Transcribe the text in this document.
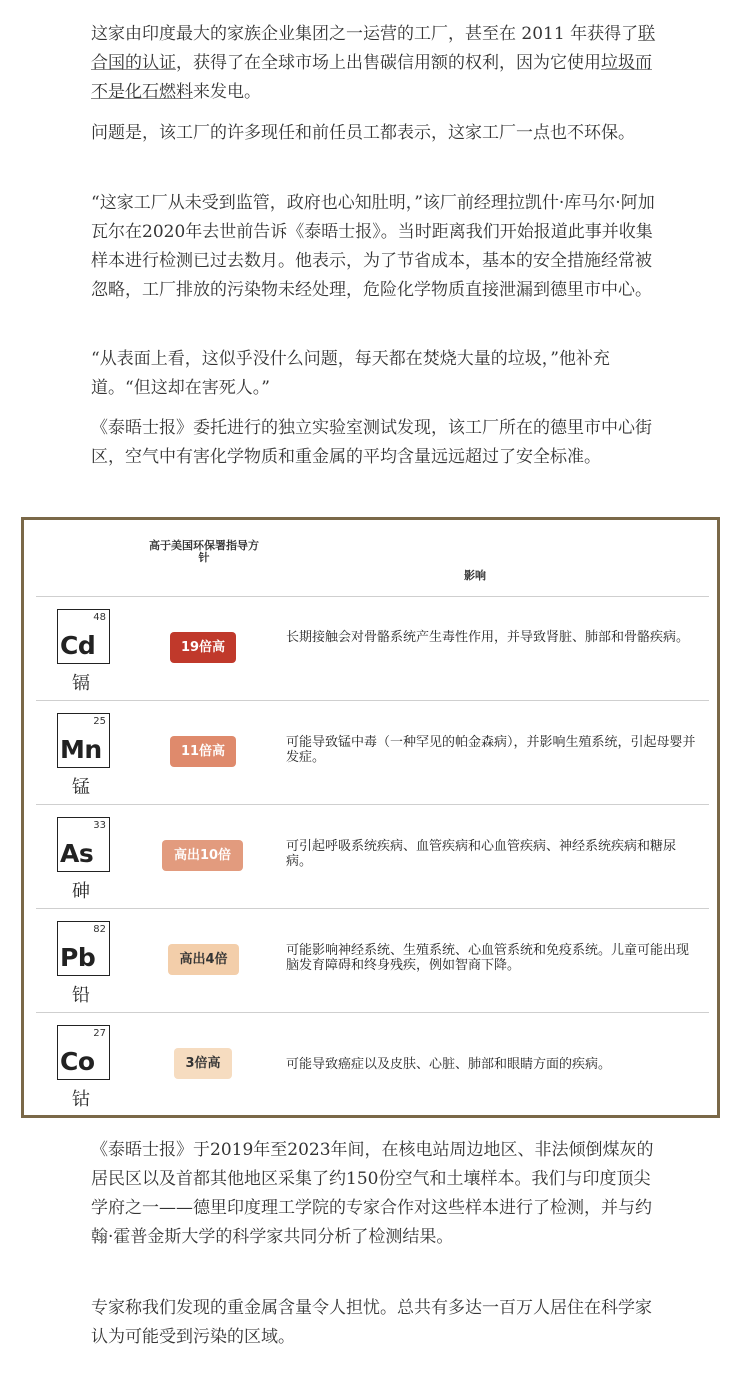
这家由印度最大的家族企业集团之一运营的工厂，甚至在 2011 年获得了联合国的认证，获得了在全球市场上出售碳信用额的权利，因为它使用垃圾而不是化石燃料来发电。

问题是，该工厂的许多现任和前任员工都表示，这家工厂一点也不环保。

“这家工厂从未受到监管，政府也心知肚明，”该厂前经理拉凯什·库马尔·阿加瓦尔在2020年去世前告诉《泰晤士报》。当时距离我们开始报道此事并收集样本进行检测已过去数月。他表示，为了节省成本，基本的安全措施经常被忽略，工厂排放的污染物未经处理，危险化学物质直接泄漏到德里市中心。

“从表面上看，这似乎没什么问题，每天都在焚烧大量的垃圾，”他补充道。“但这却在害死人。”

《泰晤士报》委托进行的独立实验室测试发现，该工厂所在的德里市中心街区，空气中有害化学物质和重金属的平均含量远远超过了安全标准。

高于美国环保署指导方针
影响
48
Cd
镉
19倍高
长期接触会对骨骼系统产生毒性作用，并导致肾脏、肺部和骨骼疾病。
25
Mn
锰
11倍高
可能导致锰中毒（一种罕见的帕金森病），并影响生殖系统，引起母婴并发症。
33
As
砷
高出10倍
可引起呼吸系统疾病、血管疾病和心血管疾病、神经系统疾病和糖尿病。
82
Pb
铅
高出4倍
可能影响神经系统、生殖系统、心血管系统和免疫系统。儿童可能出现脑发育障碍和终身残疾，例如智商下降。
27
Co
钴
3倍高	可能导致癌症以及皮肤、心脏、肺部和眼睛方面的疾病。

《泰晤士报》于2019年至2023年间，在核电站周边地区、非法倾倒煤灰的居民区以及首都其他地区采集了约150份空气和土壤样本。我们与印度顶尖学府之一——德里印度理工学院的专家合作对这些样本进行了检测，并与约翰·霍普金斯大学的科学家共同分析了检测结果。

专家称我们发现的重金属含量令人担忧。总共有多达一百万人居住在科学家认为可能受到污染的区域。
